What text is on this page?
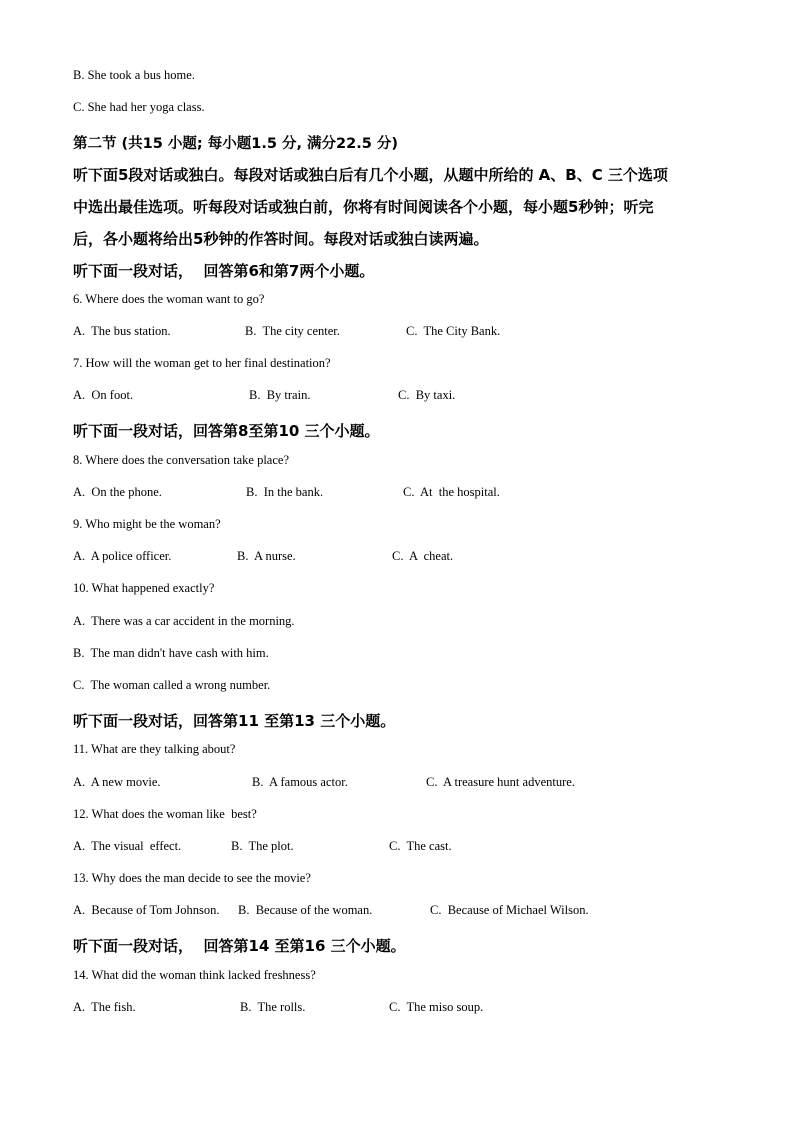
B. She took a bus home.
C. She had her yoga class.
第二节 (共15 小题; 每小题1.5 分, 满分22.5 分)
听下面5段对话或独白。每段对话或独白后有几个小题，从题中所给的 A、B、C 三个选项
中选出最佳选项。听每段对话或独白前，你将有时间阅读各个小题，每小题5秒钟；听完
后，各小题将给出5秒钟的作答时间。每段对话或独白读两遍。
听下面一段对话，  回答第6和第7两个小题。
6. Where does the woman want to go?
A.  The bus station.	B.  The city center.	C.  The City Bank.
7. How will the woman get to her final destination?
A.  On foot.	B.  By train.	C.  By taxi.
听下面一段对话，回答第8至第10 三个小题。
8. Where does the conversation take place?
A.  On the phone.	B.  In the bank.	C.  At  the hospital.
9. Who might be the woman?
A.  A police officer.	B.  A nurse.	C.  A  cheat.
10. What happened exactly?
A.  There was a car accident in the morning.
B.  The man didn't have cash with him.
C.  The woman called a wrong number.
听下面一段对话，回答第11 至第13 三个小题。
11. What are they talking about?
A.  A new movie.	B.  A famous actor.	C.  A treasure hunt adventure.
12. What does the woman like  best?
A.  The visual  effect.	B.  The plot.	C.  The cast.
13. Why does the man decide to see the movie?
A.  Because of Tom Johnson. B.  Because of the woman.	C.  Because of Michael Wilson.
听下面一段对话，  回答第14 至第16 三个小题。
14. What did the woman think lacked freshness?
A.  The fish.	B.  The rolls.	C.  The miso soup.
